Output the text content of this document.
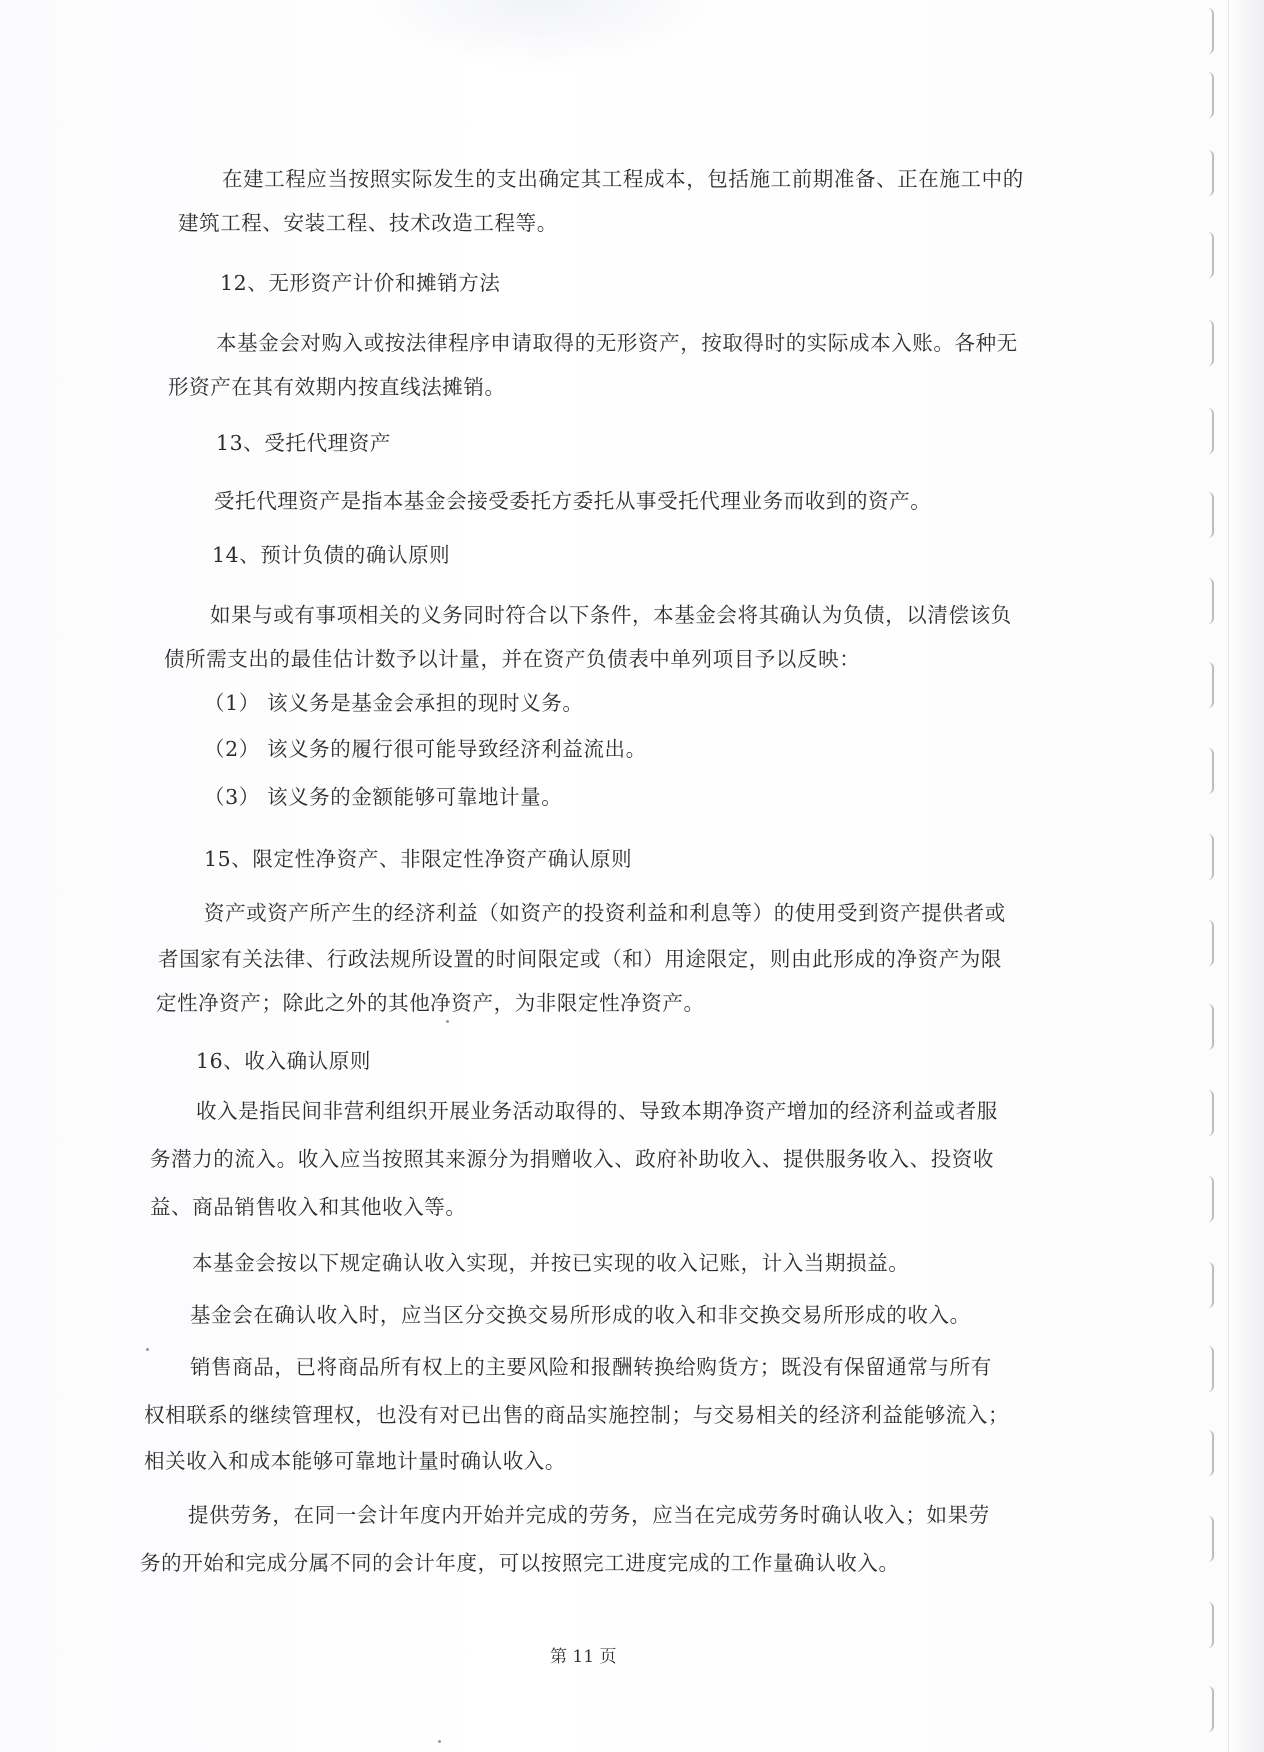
在建工程应当按照实际发生的支出确定其工程成本，包括施工前期准备、正在施工中的
建筑工程、安装工程、技术改造工程等。
12、无形资产计价和摊销方法
本基金会对购入或按法律程序申请取得的无形资产，按取得时的实际成本入账。各种无
形资产在其有效期内按直线法摊销。
13、受托代理资产
受托代理资产是指本基金会接受委托方委托从事受托代理业务而收到的资产。
14、预计负债的确认原则
如果与或有事项相关的义务同时符合以下条件，本基金会将其确认为负债，以清偿该负
债所需支出的最佳估计数予以计量，并在资产负债表中单列项目予以反映：
（1） 该义务是基金会承担的现时义务。
（2） 该义务的履行很可能导致经济利益流出。
（3） 该义务的金额能够可靠地计量。
15、限定性净资产、非限定性净资产确认原则
资产或资产所产生的经济利益（如资产的投资利益和利息等）的使用受到资产提供者或
者国家有关法律、行政法规所设置的时间限定或（和）用途限定，则由此形成的净资产为限
定性净资产；除此之外的其他净资产，为非限定性净资产。
16、收入确认原则
收入是指民间非营利组织开展业务活动取得的、导致本期净资产增加的经济利益或者服
务潜力的流入。收入应当按照其来源分为捐赠收入、政府补助收入、提供服务收入、投资收
益、商品销售收入和其他收入等。
本基金会按以下规定确认收入实现，并按已实现的收入记账，计入当期损益。
基金会在确认收入时，应当区分交换交易所形成的收入和非交换交易所形成的收入。
销售商品，已将商品所有权上的主要风险和报酬转换给购货方；既没有保留通常与所有
权相联系的继续管理权，也没有对已出售的商品实施控制；与交易相关的经济利益能够流入；
相关收入和成本能够可靠地计量时确认收入。
提供劳务，在同一会计年度内开始并完成的劳务，应当在完成劳务时确认收入；如果劳
务的开始和完成分属不同的会计年度，可以按照完工进度完成的工作量确认收入。
第 11 页
